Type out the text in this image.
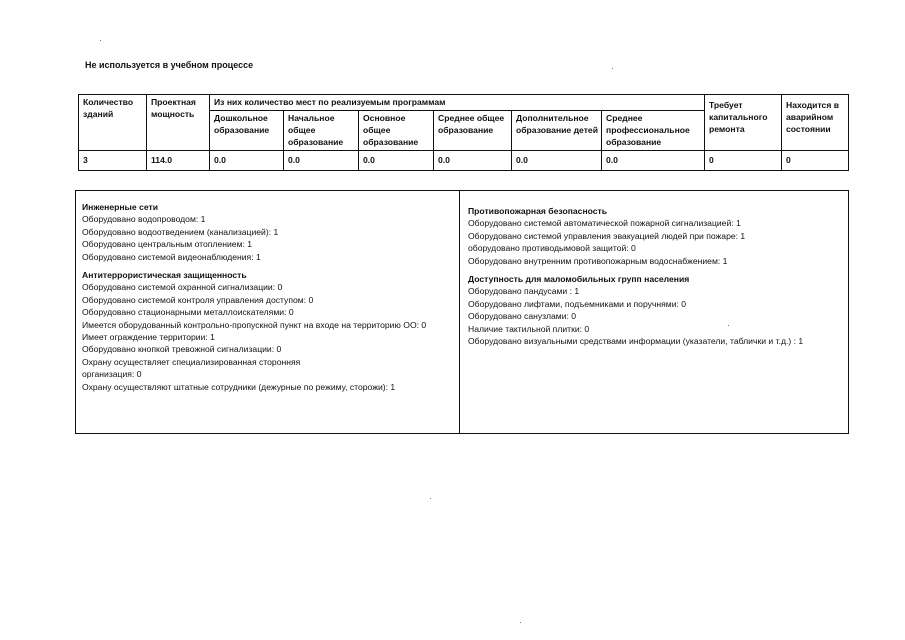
Не используется в учебном процессе
Количество зданий	Проектная мощность	Из них количество мест по реализуемым программам						Требует капитального ремонта	Находится в аварийном состоянии
		Дошкольное образование	Начальное общее образование	Основное общее образование	Среднее общее образование	Дополнительное образование детей	Среднее профессиональное образование		
3	114.0	0.0	0.0	0.0	0.0	0.0	0.0	0	0
Инженерные сети
Оборудовано водопроводом: 1
Оборудовано водоотведением (канализацией): 1
Оборудовано центральным отоплением: 1
Оборудовано системой видеонаблюдения: 1
Антитеррористическая защищенность
Оборудовано системой охранной сигнализации: 0
Оборудовано системой контроля управления доступом: 0
Оборудовано стационарными металлоискателями: 0
Имеется оборудованный контрольно-пропускной пункт на входе на территорию ОО: 0
Имеет ограждение территории: 1
Оборудовано кнопкой тревожной сигнализации: 0
Охрану осуществляет специализированная сторонняя
организация: 0
Охрану осуществляют штатные сотрудники (дежурные по режиму, сторожи): 1
Противопожарная безопасность
Оборудовано системой автоматической пожарной сигнализацией: 1
Оборудовано системой управления эвакуацией людей при пожаре: 1
оборудовано противодымовой защитой: 0
Оборудовано внутренним противопожарным водоснабжением: 1
Доступность для маломобильных групп населения
Оборудовано пандусами : 1
Оборудовано лифтами, подъемниками и поручнями: 0
Оборудовано санузлами: 0
Наличие тактильной плитки: 0
Оборудовано визуальными средствами информации (указатели, таблички и т.д.) : 1
